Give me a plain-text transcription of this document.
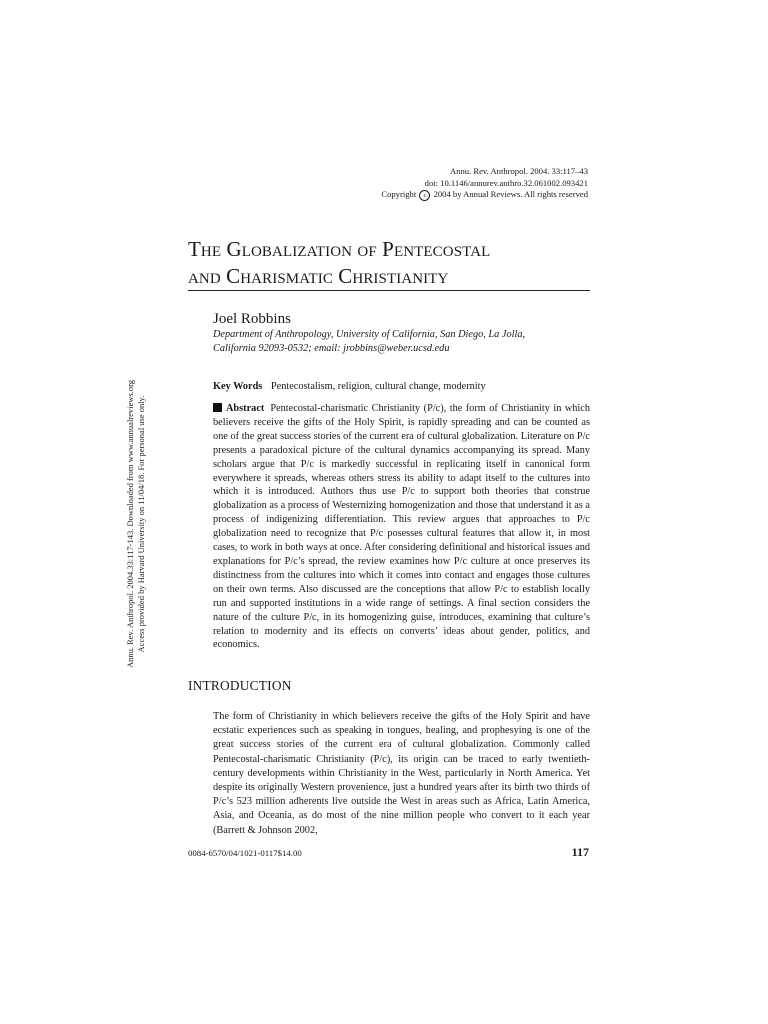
Annu. Rev. Anthropol. 2004. 33:117–43
doi: 10.1146/annurev.anthro.32.061002.093421
Copyright c 2004 by Annual Reviews. All rights reserved
The Globalization of Pentecostal
and Charismatic Christianity
Joel Robbins
Department of Anthropology, University of California, San Diego, La Jolla,
California 92093-0532; email: jrobbins@weber.ucsd.edu
Key Words Pentecostalism, religion, cultural change, modernity

Abstract Pentecostal-charismatic Christianity (P/c), the form of Christianity in which believers receive the gifts of the Holy Spirit, is rapidly spreading and can be counted as one of the great success stories of the current era of cultural globalization. Literature on P/c presents a paradoxical picture of the cultural dynamics accompanying its spread. Many scholars argue that P/c is markedly successful in replicating itself in canonical form everywhere it spreads, whereas others stress its ability to adapt itself to the cultures into which it is introduced. Authors thus use P/c to support both theories that construe globalization as a process of Westernizing homogenization and those that understand it as a process of indigenizing differentiation. This review argues that approaches to P/c globalization need to recognize that P/c posesses cultural features that allow it, in most cases, to work in both ways at once. After considering definitional and historical issues and explanations for P/c’s spread, the review examines how P/c culture at once preserves its distinctness from the cultures into which it comes into contact and engages those cultures on their own terms. Also discussed are the conceptions that allow P/c to establish locally run and supported institutions in a wide range of settings. A final section considers the nature of the culture P/c, in its homogenizing guise, introduces, examining that culture’s relation to modernity and its effects on converts’ ideas about gender, politics, and economics.

INTRODUCTION

The form of Christianity in which believers receive the gifts of the Holy Spirit and have ecstatic experiences such as speaking in tongues, healing, and prophesying is one of the great success stories of the current era of cultural globalization. Commonly called Pentecostal-charismatic Christianity (P/c), its origin can be traced to early twentieth-century developments within Christianity in the West, particularly in North America. Yet despite its originally Western provenience, just a hundred years after its birth two thirds of P/c’s 523 million adherents live outside the West in areas such as Africa, Latin America, Asia, and Oceania, as do most of the nine million people who convert to it each year (Barrett & Johnson 2002,

Annu. Rev. Anthropol. 2004.33:117-143. Downloaded from www.annualreviews.org Access provided by Harvard University on 11/04/18. For personal use only.
0084-6570/04/1021-0117$14.00	117
